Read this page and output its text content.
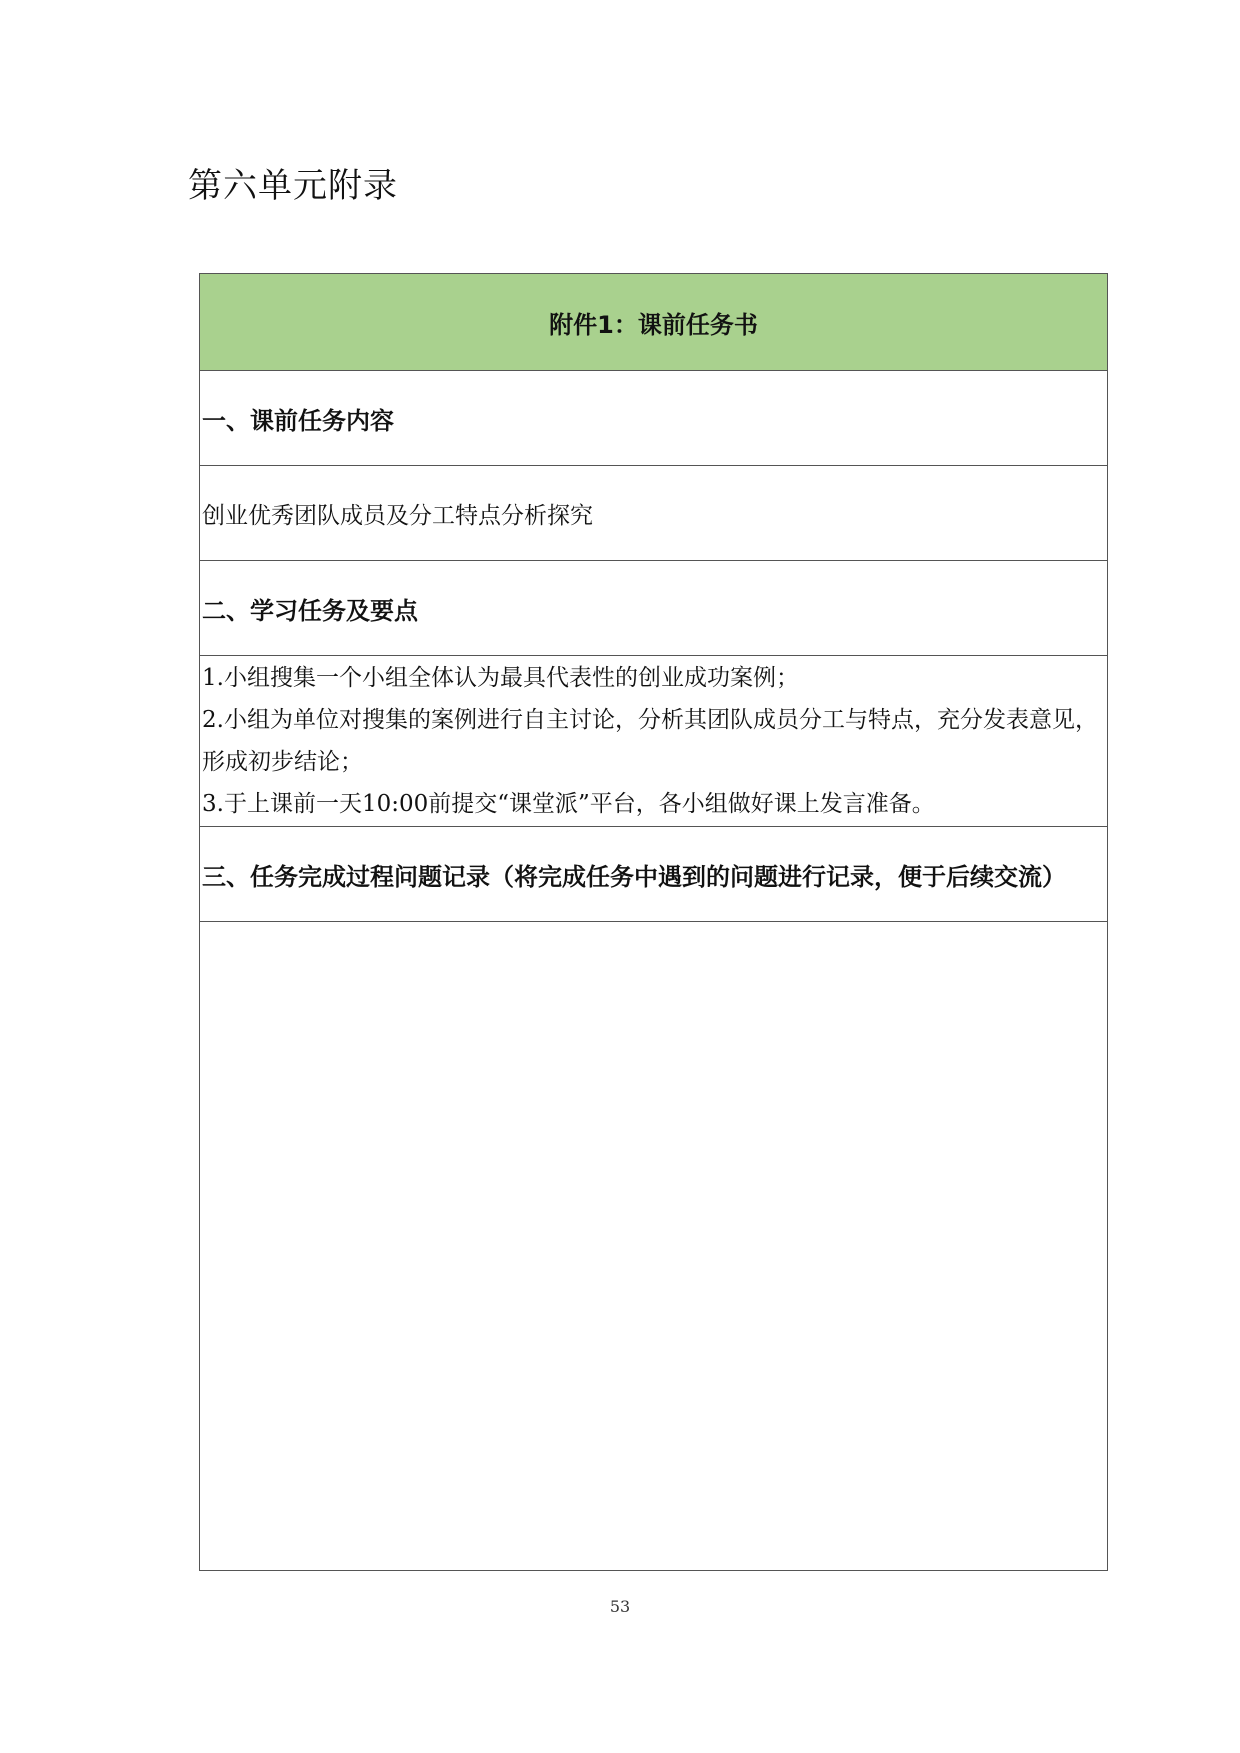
第六单元附录
附件1：课前任务书
一、课前任务内容
创业优秀团队成员及分工特点分析探究
二、学习任务及要点

1.小组搜集一个小组全体认为最具代表性的创业成功案例；
2.小组为单位对搜集的案例进行自主讨论，分析其团队成员分工与特点，充分发表意见，形成初步结论；
3.于上课前一天10:00前提交“课堂派”平台，各小组做好课上发言准备。

三、任务完成过程问题记录（将完成任务中遇到的问题进行记录，便于后续交流）

53
